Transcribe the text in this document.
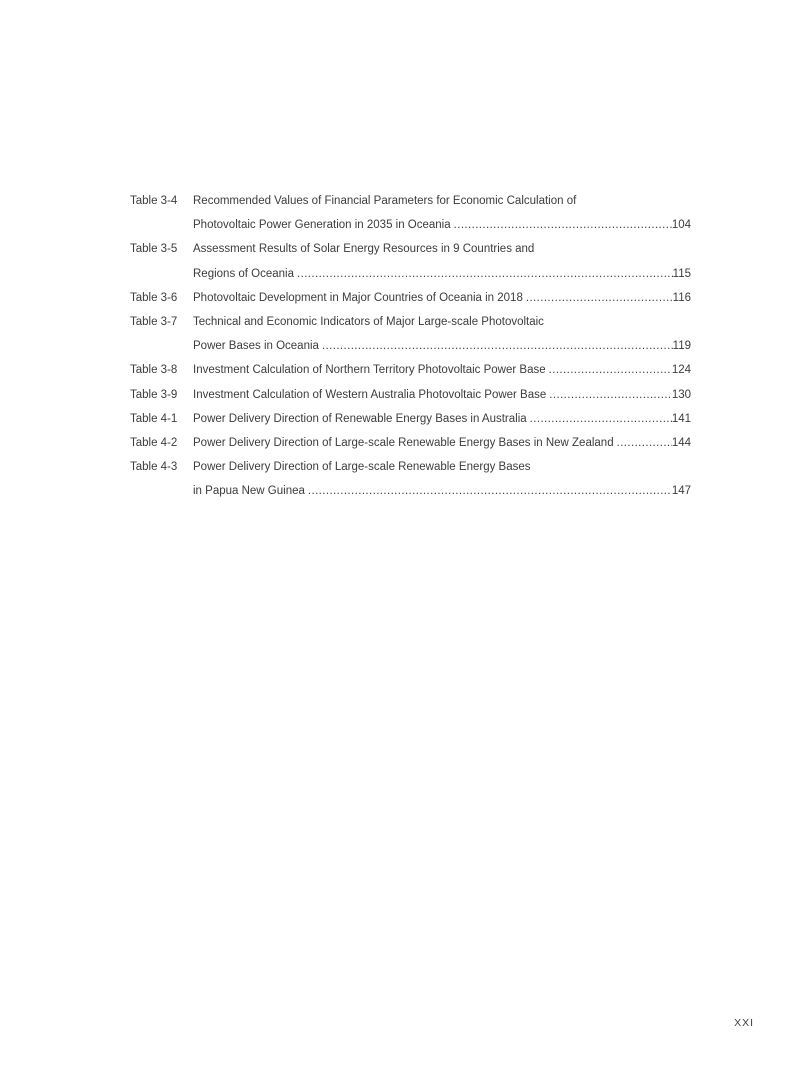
Table 3-4	Recommended Values of Financial Parameters for Economic Calculation of
Photovoltaic Power Generation in 2035 in Oceania .....	104
Table 3-5	Assessment Results of Solar Energy Resources in 9 Countries and
Regions of Oceania .....	115
Table 3-6	Photovoltaic Development in Major Countries of Oceania in 2018 .....	116
Table 3-7	Technical and Economic Indicators of Major Large-scale Photovoltaic
Power Bases in Oceania .....	119
Table 3-8	Investment Calculation of Northern Territory Photovoltaic Power Base .....	124
Table 3-9	Investment Calculation of Western Australia Photovoltaic Power Base .....	130
Table 4-1	Power Delivery Direction of Renewable Energy Bases in Australia .....	141
Table 4-2	Power Delivery Direction of Large-scale Renewable Energy Bases in New Zealand .....	144
Table 4-3	Power Delivery Direction of Large-scale Renewable Energy Bases
in Papua New Guinea .....	147
XXI
